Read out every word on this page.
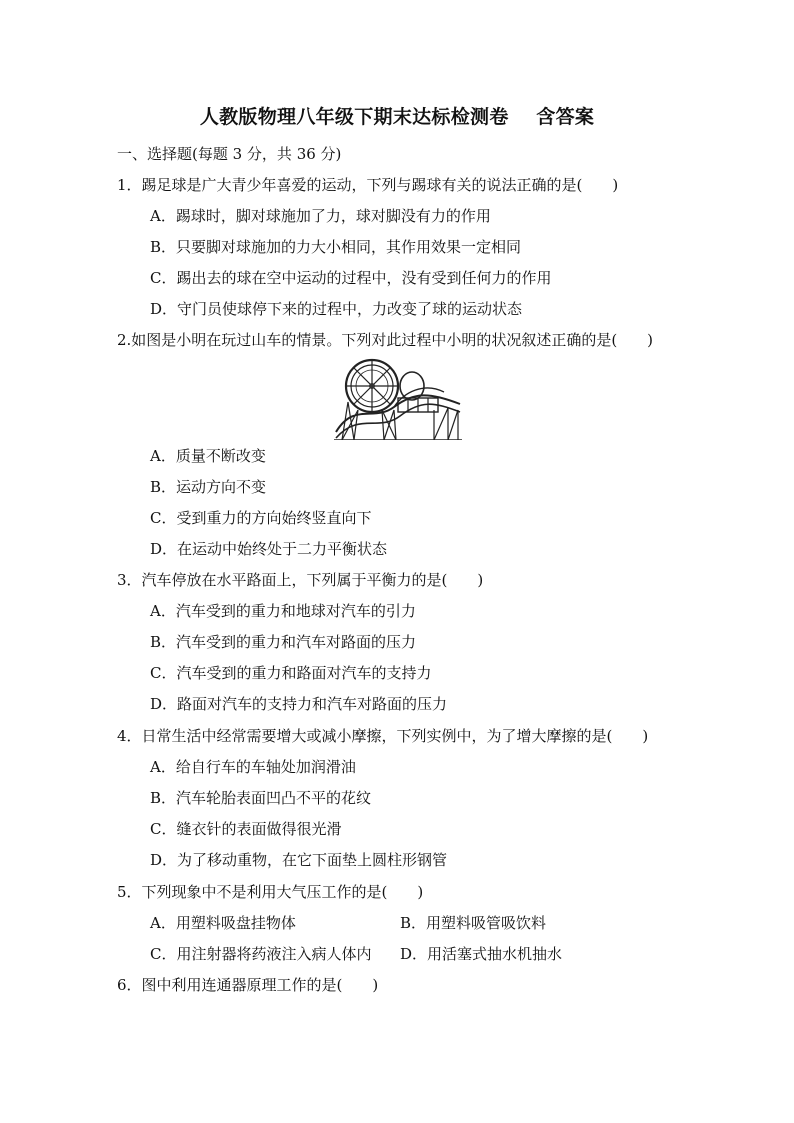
人教版物理八年级下期末达标检测卷    含答案
一、选择题(每题 3 分，共 36 分)
1．踢足球是广大青少年喜爱的运动，下列与踢球有关的说法正确的是(　　)
A．踢球时，脚对球施加了力，球对脚没有力的作用
B．只要脚对球施加的力大小相同，其作用效果一定相同
C．踢出去的球在空中运动的过程中，没有受到任何力的作用
D．守门员使球停下来的过程中，力改变了球的运动状态
2.如图是小明在玩过山车的情景。下列对此过程中小明的状况叙述正确的是(　　)
A．质量不断改变
B．运动方向不变
C．受到重力的方向始终竖直向下
D．在运动中始终处于二力平衡状态
3．汽车停放在水平路面上，下列属于平衡力的是(　　)
A．汽车受到的重力和地球对汽车的引力
B．汽车受到的重力和汽车对路面的压力
C．汽车受到的重力和路面对汽车的支持力
D．路面对汽车的支持力和汽车对路面的压力
4．日常生活中经常需要增大或减小摩擦，下列实例中，为了增大摩擦的是(　　)
A．给自行车的车轴处加润滑油
B．汽车轮胎表面凹凸不平的花纹
C．缝衣针的表面做得很光滑
D．为了移动重物，在它下面垫上圆柱形钢管
5．下列现象中不是利用大气压工作的是(　　)
A．用塑料吸盘挂物体	B．用塑料吸管吸饮料
C．用注射器将药液注入病人体内 D．用活塞式抽水机抽水
6．图中利用连通器原理工作的是(　　)
